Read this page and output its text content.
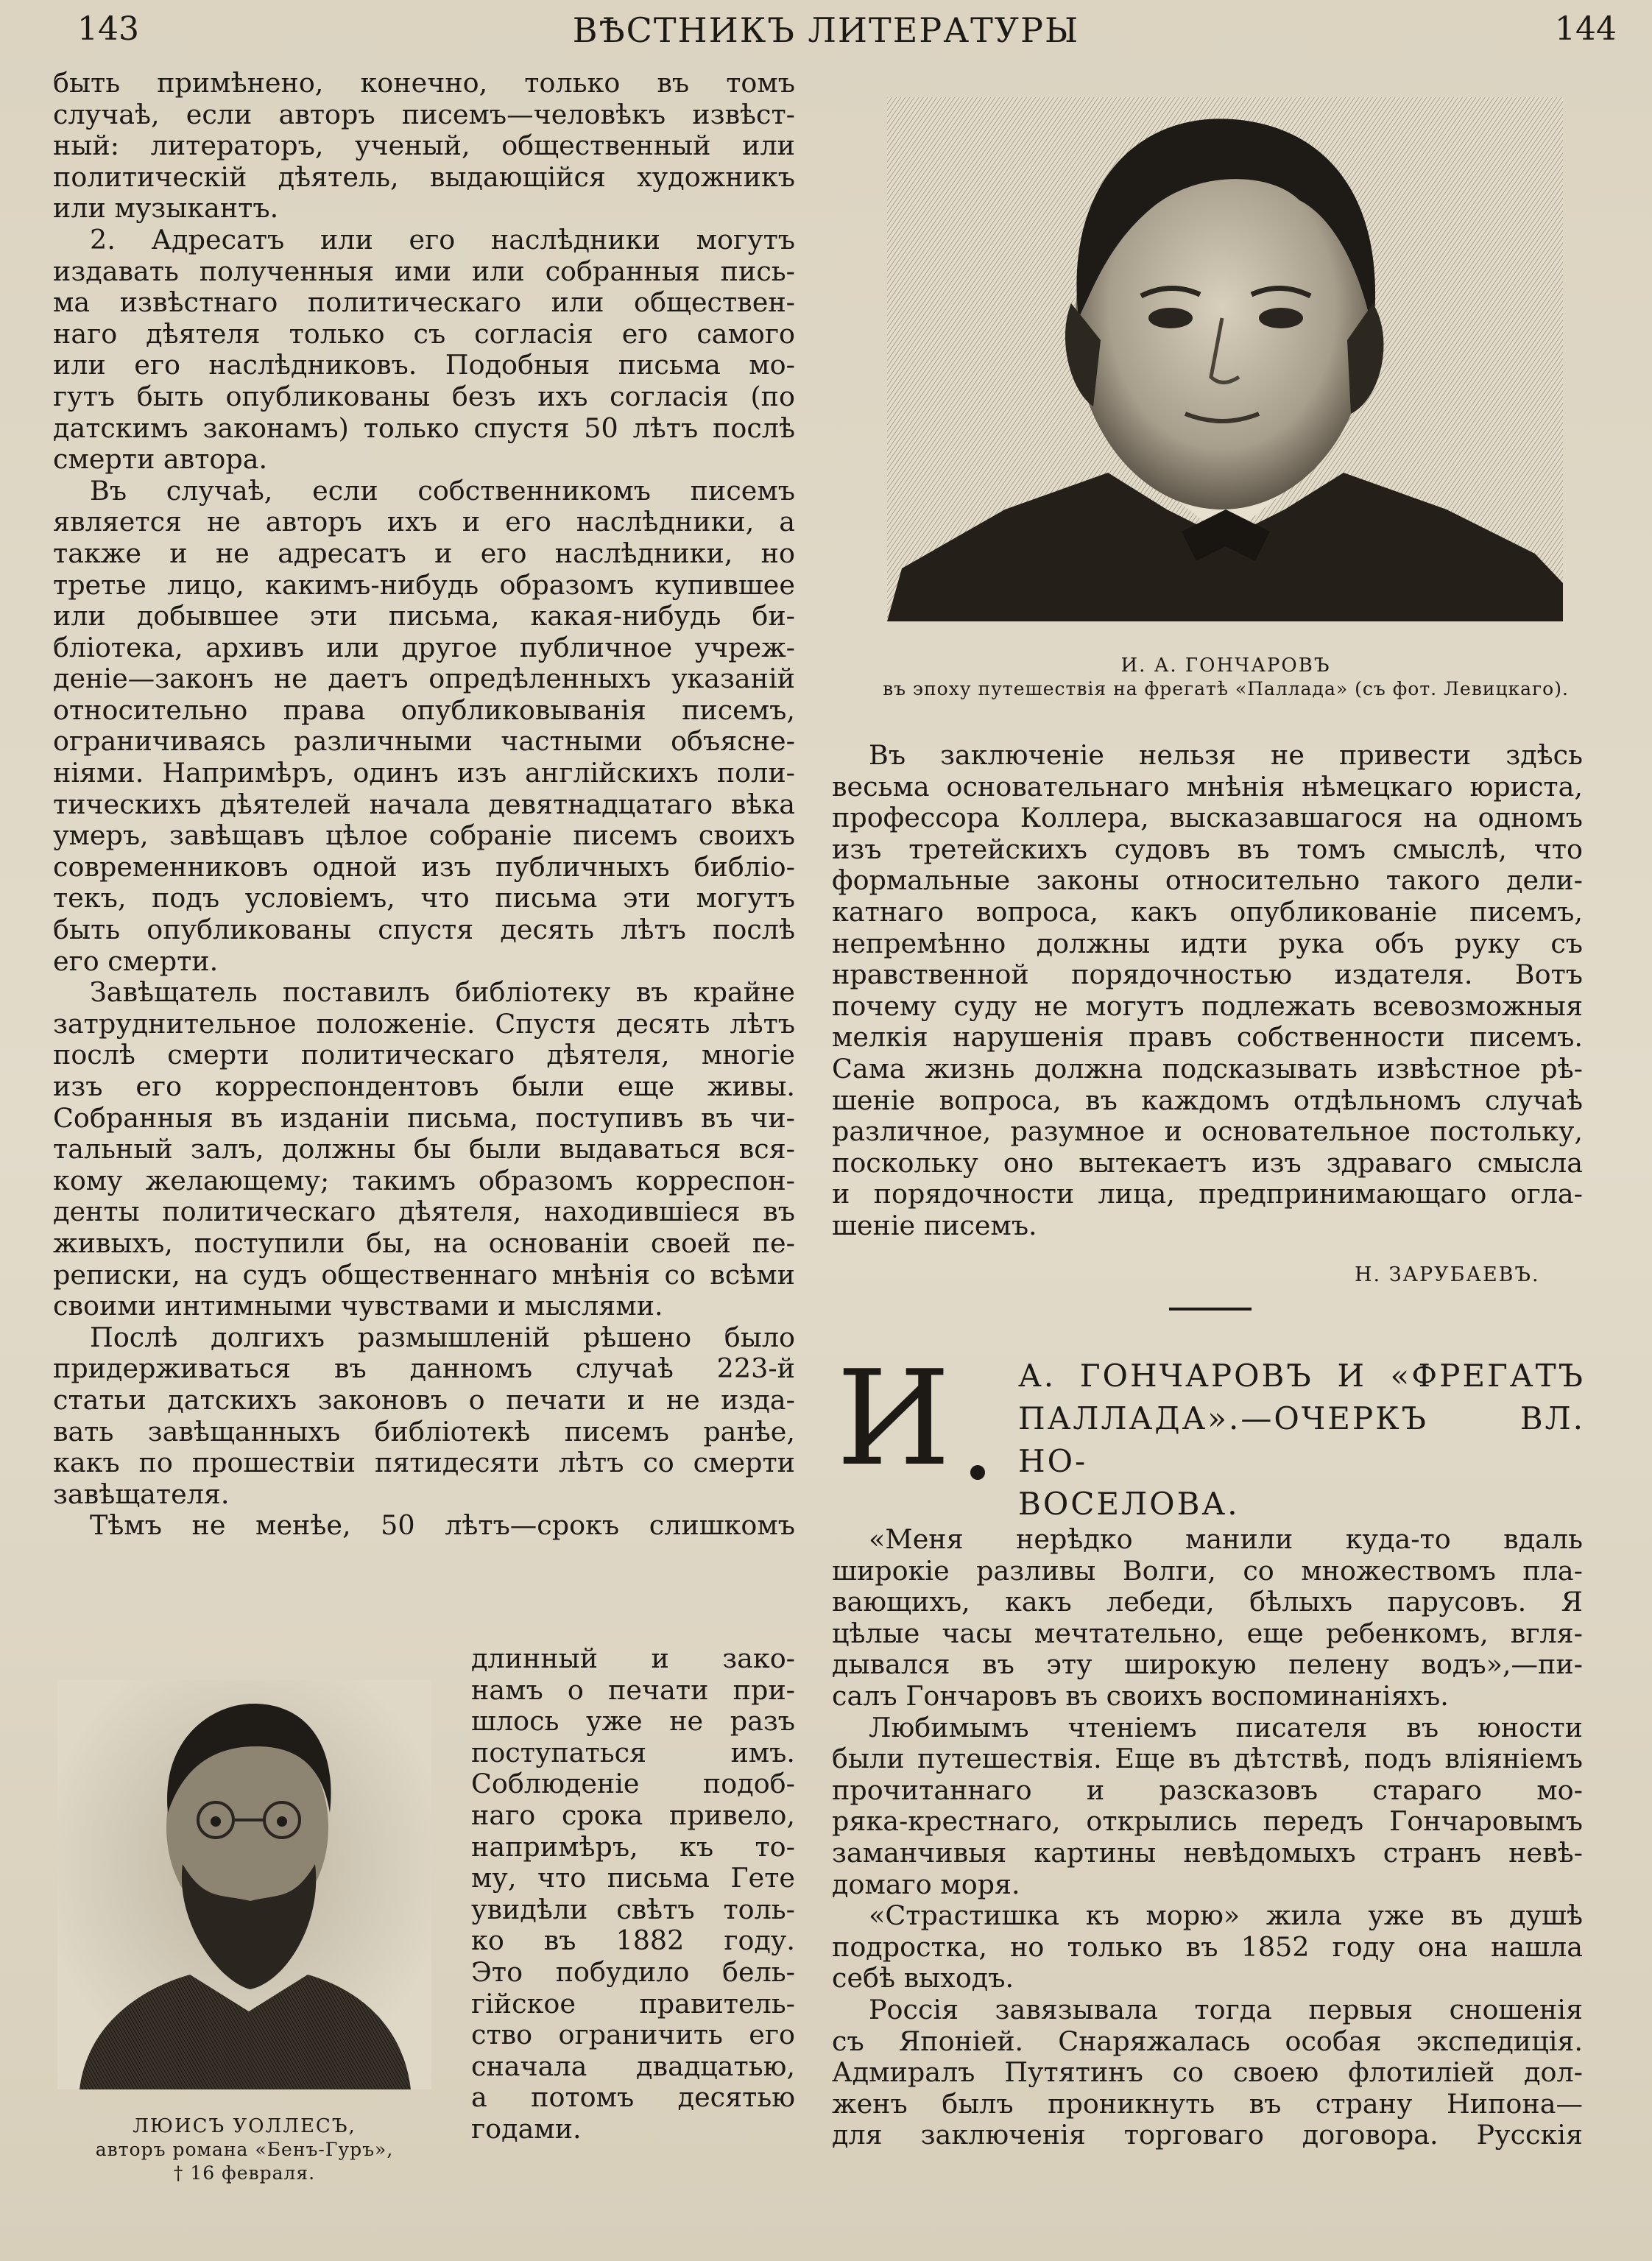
143	ВѢСТНИКЪ ЛИТЕРАТУРЫ	144

быть примѣнено, конечно, только въ томъ

случаѣ, если авторъ писемъ—человѣкъ извѣст-

ный: литераторъ, ученый, общественный или

политическій дѣятель, выдающійся художникъ

или музыкантъ.

2. Адресатъ или его наслѣдники могутъ

издавать полученныя ими или собранныя пись-

ма извѣстнаго политическаго или обществен-

наго дѣятеля только съ согласія его самого

или его наслѣдниковъ. Подобныя письма мо-

гутъ быть опубликованы безъ ихъ согласія (по

датскимъ законамъ) только спустя 50 лѣтъ послѣ

смерти автора.

Въ случаѣ, если собственникомъ писемъ

является не авторъ ихъ и его наслѣдники, а

также и не адресатъ и его наслѣдники, но

третье лицо, какимъ-нибудь образомъ купившее

или добывшее эти письма, какая-нибудь би-

бліотека, архивъ или другое публичное учреж-

деніе—законъ не даетъ опредѣленныхъ указаній

относительно права опубликовыванія писемъ,

ограничиваясь различными частными объясне-

ніями. Напримѣръ, одинъ изъ англійскихъ поли-

тическихъ дѣятелей начала девятнадцатаго вѣка

умеръ, завѣщавъ цѣлое собраніе писемъ своихъ

современниковъ одной изъ публичныхъ библіо-

текъ, подъ условіемъ, что письма эти могутъ

быть опубликованы спустя десять лѣтъ послѣ

его смерти.

Завѣщатель поставилъ библіотеку въ крайне

затруднительное положеніе. Спустя десять лѣтъ

послѣ смерти политическаго дѣятеля, многіе

изъ его корреспондентовъ были еще живы.

Собранныя въ изданіи письма, поступивъ въ чи-

тальный залъ, должны бы были выдаваться вся-

кому желающему; такимъ образомъ корреспон-

денты политическаго дѣятеля, находившіеся въ

живыхъ, поступили бы, на основаніи своей пе-

реписки, на судъ общественнаго мнѣнія со всѣми

своими интимными чувствами и мыслями.

Послѣ долгихъ размышленій рѣшено было

придерживаться въ данномъ случаѣ 223-й

статьи датскихъ законовъ о печати и не изда-

вать завѣщанныхъ библіотекѣ писемъ ранѣе,

какъ по прошествіи пятидесяти лѣтъ со смерти

завѣщателя.

Тѣмъ не менѣе, 50 лѣтъ—срокъ слишкомъ

длинный и зако-

намъ о печати при-

шлось уже не разъ

поступаться имъ.

Соблюденіе подоб-

наго срока привело,

напримѣръ, къ то-

му, что письма Гете

увидѣли свѣтъ толь-

ко въ 1882 году.

Это побудило бель-

гійское правитель-

ство ограничить его

сначала двадцатью,

а потомъ десятью

годами.

И. А. ГОНЧАРОВЪ
въ эпоху путешествія на фрегатѣ «Паллада» (съ фот. Левицкаго).
ЛЮИСЪ УОЛЛЕСЪ,
авторъ романа «Бенъ-Гуръ»,
† 16 февраля.

Въ заключеніе нельзя не привести здѣсь

весьма основательнаго мнѣнія нѣмецкаго юриста,

профессора Коллера, высказавшагося на одномъ

изъ третейскихъ судовъ въ томъ смыслѣ, что

формальные законы относительно такого дели-

катнаго вопроса, какъ опубликованіе писемъ,

непремѣнно должны идти рука объ руку съ

нравственной порядочностью издателя. Вотъ

почему суду не могутъ подлежать всевозможныя

мелкія нарушенія правъ собственности писемъ.

Сама жизнь должна подсказывать извѣстное рѣ-

шеніе вопроса, въ каждомъ отдѣльномъ случаѣ

различное, разумное и основательное постольку,

поскольку оно вытекаетъ изъ здраваго смысла

и порядочности лица, предпринимающаго огла-

шеніе писемъ.

Н. ЗАРУБАЕВЪ.
И А. ГОНЧАРОВЪ И «ФРЕГАТЪ
ПАЛЛАДА».—ОЧЕРКЪ ВЛ. НО-
ВОСЕЛОВА.

«Меня нерѣдко манили куда-то вдаль

широкіе разливы Волги, со множествомъ пла-

вающихъ, какъ лебеди, бѣлыхъ парусовъ. Я

цѣлые часы мечтательно, еще ребенкомъ, вгля-

дывался въ эту широкую пелену водъ»,—пи-

салъ Гончаровъ въ своихъ воспоминаніяхъ.

Любимымъ чтеніемъ писателя въ юности

были путешествія. Еще въ дѣтствѣ, подъ вліяніемъ

прочитаннаго и разсказовъ стараго мо-

ряка-крестнаго, открылись передъ Гончаровымъ

заманчивыя картины невѣдомыхъ странъ невѣ-

домаго моря.

«Страстишка къ морю» жила уже въ душѣ

подростка, но только въ 1852 году она нашла

себѣ выходъ.

Россія завязывала тогда первыя сношенія

съ Японіей. Снаряжалась особая экспедиція.

Адмиралъ Путятинъ со своею флотиліей дол-

женъ былъ проникнуть въ страну Нипона—

для заключенія торговаго договора. Русскія
